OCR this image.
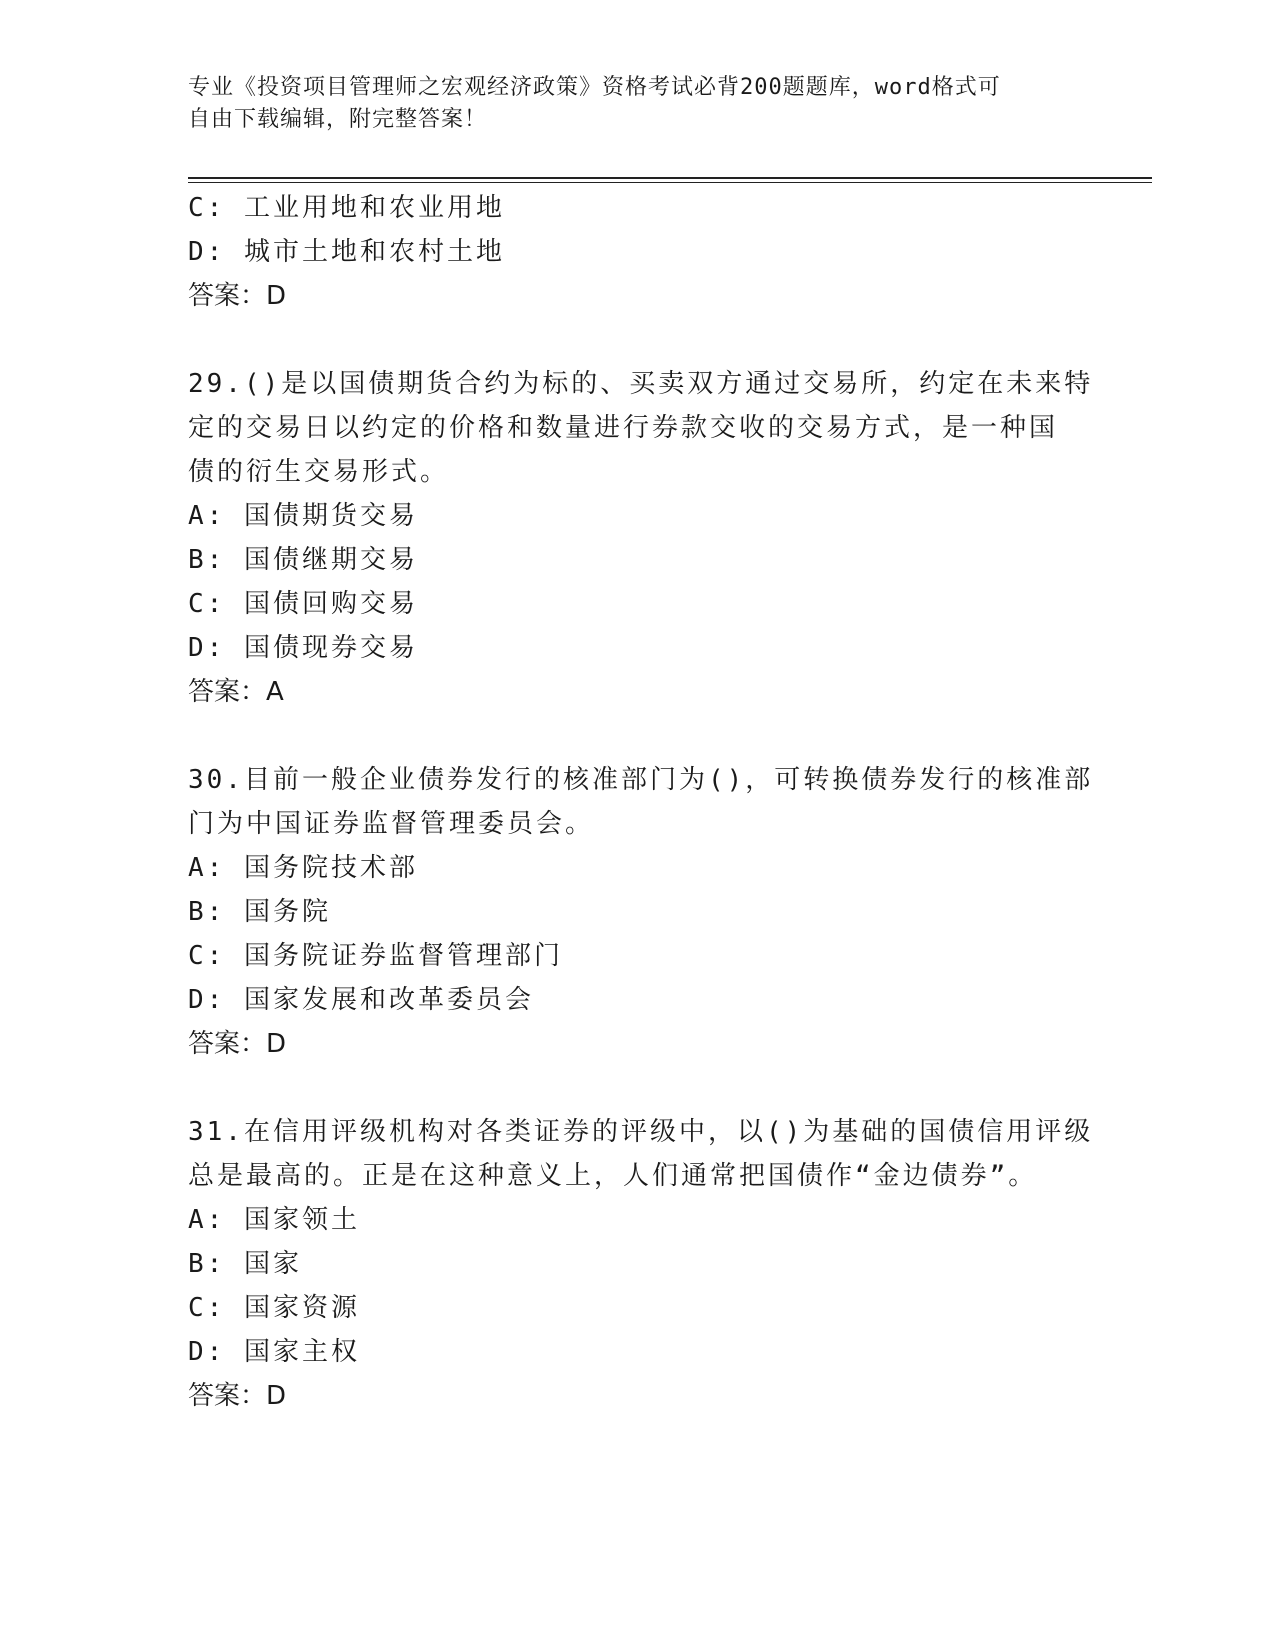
专业《投资项目管理师之宏观经济政策》资格考试必背200题题库，word格式可
自由下载编辑，附完整答案！
C: 工业用地和农业用地
D: 城市土地和农村土地
答案：D
29.()是以国债期货合约为标的、买卖双方通过交易所，约定在未来特
定的交易日以约定的价格和数量进行券款交收的交易方式，是一种国
债的衍生交易形式。
A: 国债期货交易
B: 国债继期交易
C: 国债回购交易
D: 国债现券交易
答案：A
30.目前一般企业债券发行的核准部门为()，可转换债券发行的核准部
门为中国证券监督管理委员会。
A: 国务院技术部
B: 国务院
C: 国务院证券监督管理部门
D: 国家发展和改革委员会
答案：D
31.在信用评级机构对各类证券的评级中，以()为基础的国债信用评级
总是最高的。正是在这种意义上，人们通常把国债作“金边债券”。
A: 国家领土
B: 国家
C: 国家资源
D: 国家主权
答案：D
